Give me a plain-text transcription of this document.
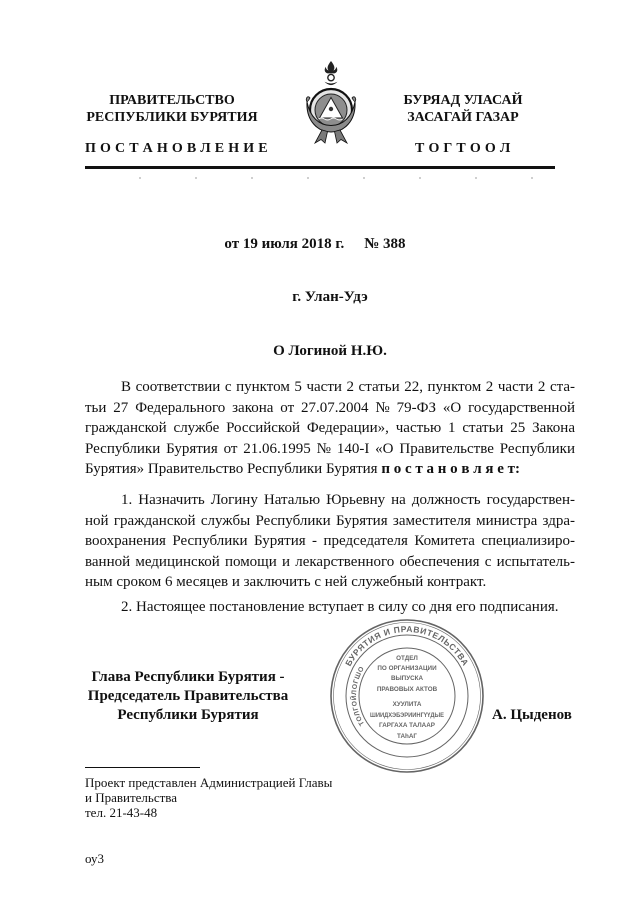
ПРАВИТЕЛЬСТВО
РЕСПУБЛИКИ БУРЯТИЯ
БУРЯАД УЛАСАЙ
ЗАСАГАЙ ГАЗАР
П О С Т А Н О В Л Е Н И Е	Т О Г Т О О Л
от 19 июля 2018 г. № 388
г. Улан-Удэ
О Логиной Н.Ю.
В соответствии с пунктом 5 части 2 статьи 22, пунктом 2 части 2 ста-
тьи 27 Федерального закона от 27.07.2004 № 79-ФЗ «О государственной
гражданской службе Российской Федерации», частью 1 статьи 25 Закона
Республики Бурятия от 21.06.1995 № 140-I «О Правительстве Республики
Бурятия» Правительство Республики Бурятия п о с т а н о в л я е т:
1. Назначить Логину Наталью Юрьевну на должность государствен-
ной гражданской службы Республики Бурятия заместителя министра здра-
воохранения Республики Бурятия - председателя Комитета специализиро-
ванной медицинской помощи и лекарственного обеспечения с испытатель-
ным сроком 6 месяцев и заключить с ней служебный контракт.
2. Настоящее постановление вступает в силу со дня его подписания.
Глава Республики Бурятия -
Председатель Правительства
Республики Бурятия
БУРЯТИЯ И ПРАВИТЕЛЬСТВА
ТОЛГОЙЛОГШО
ОТДЕЛ
ПО ОРГАНИЗАЦИИ
ВЫПУСКА
ПРАВОВЫХ АКТОВ
ХУУЛИТА
ШИИДХЭБЭРИИНГҮҮДЫЕ
ГАРГАХА ТАЛААР
ТАһАГ
А. Цыденов
Проект представлен Администрацией Главы
и Правительства
тел. 21-43-48
оу3
